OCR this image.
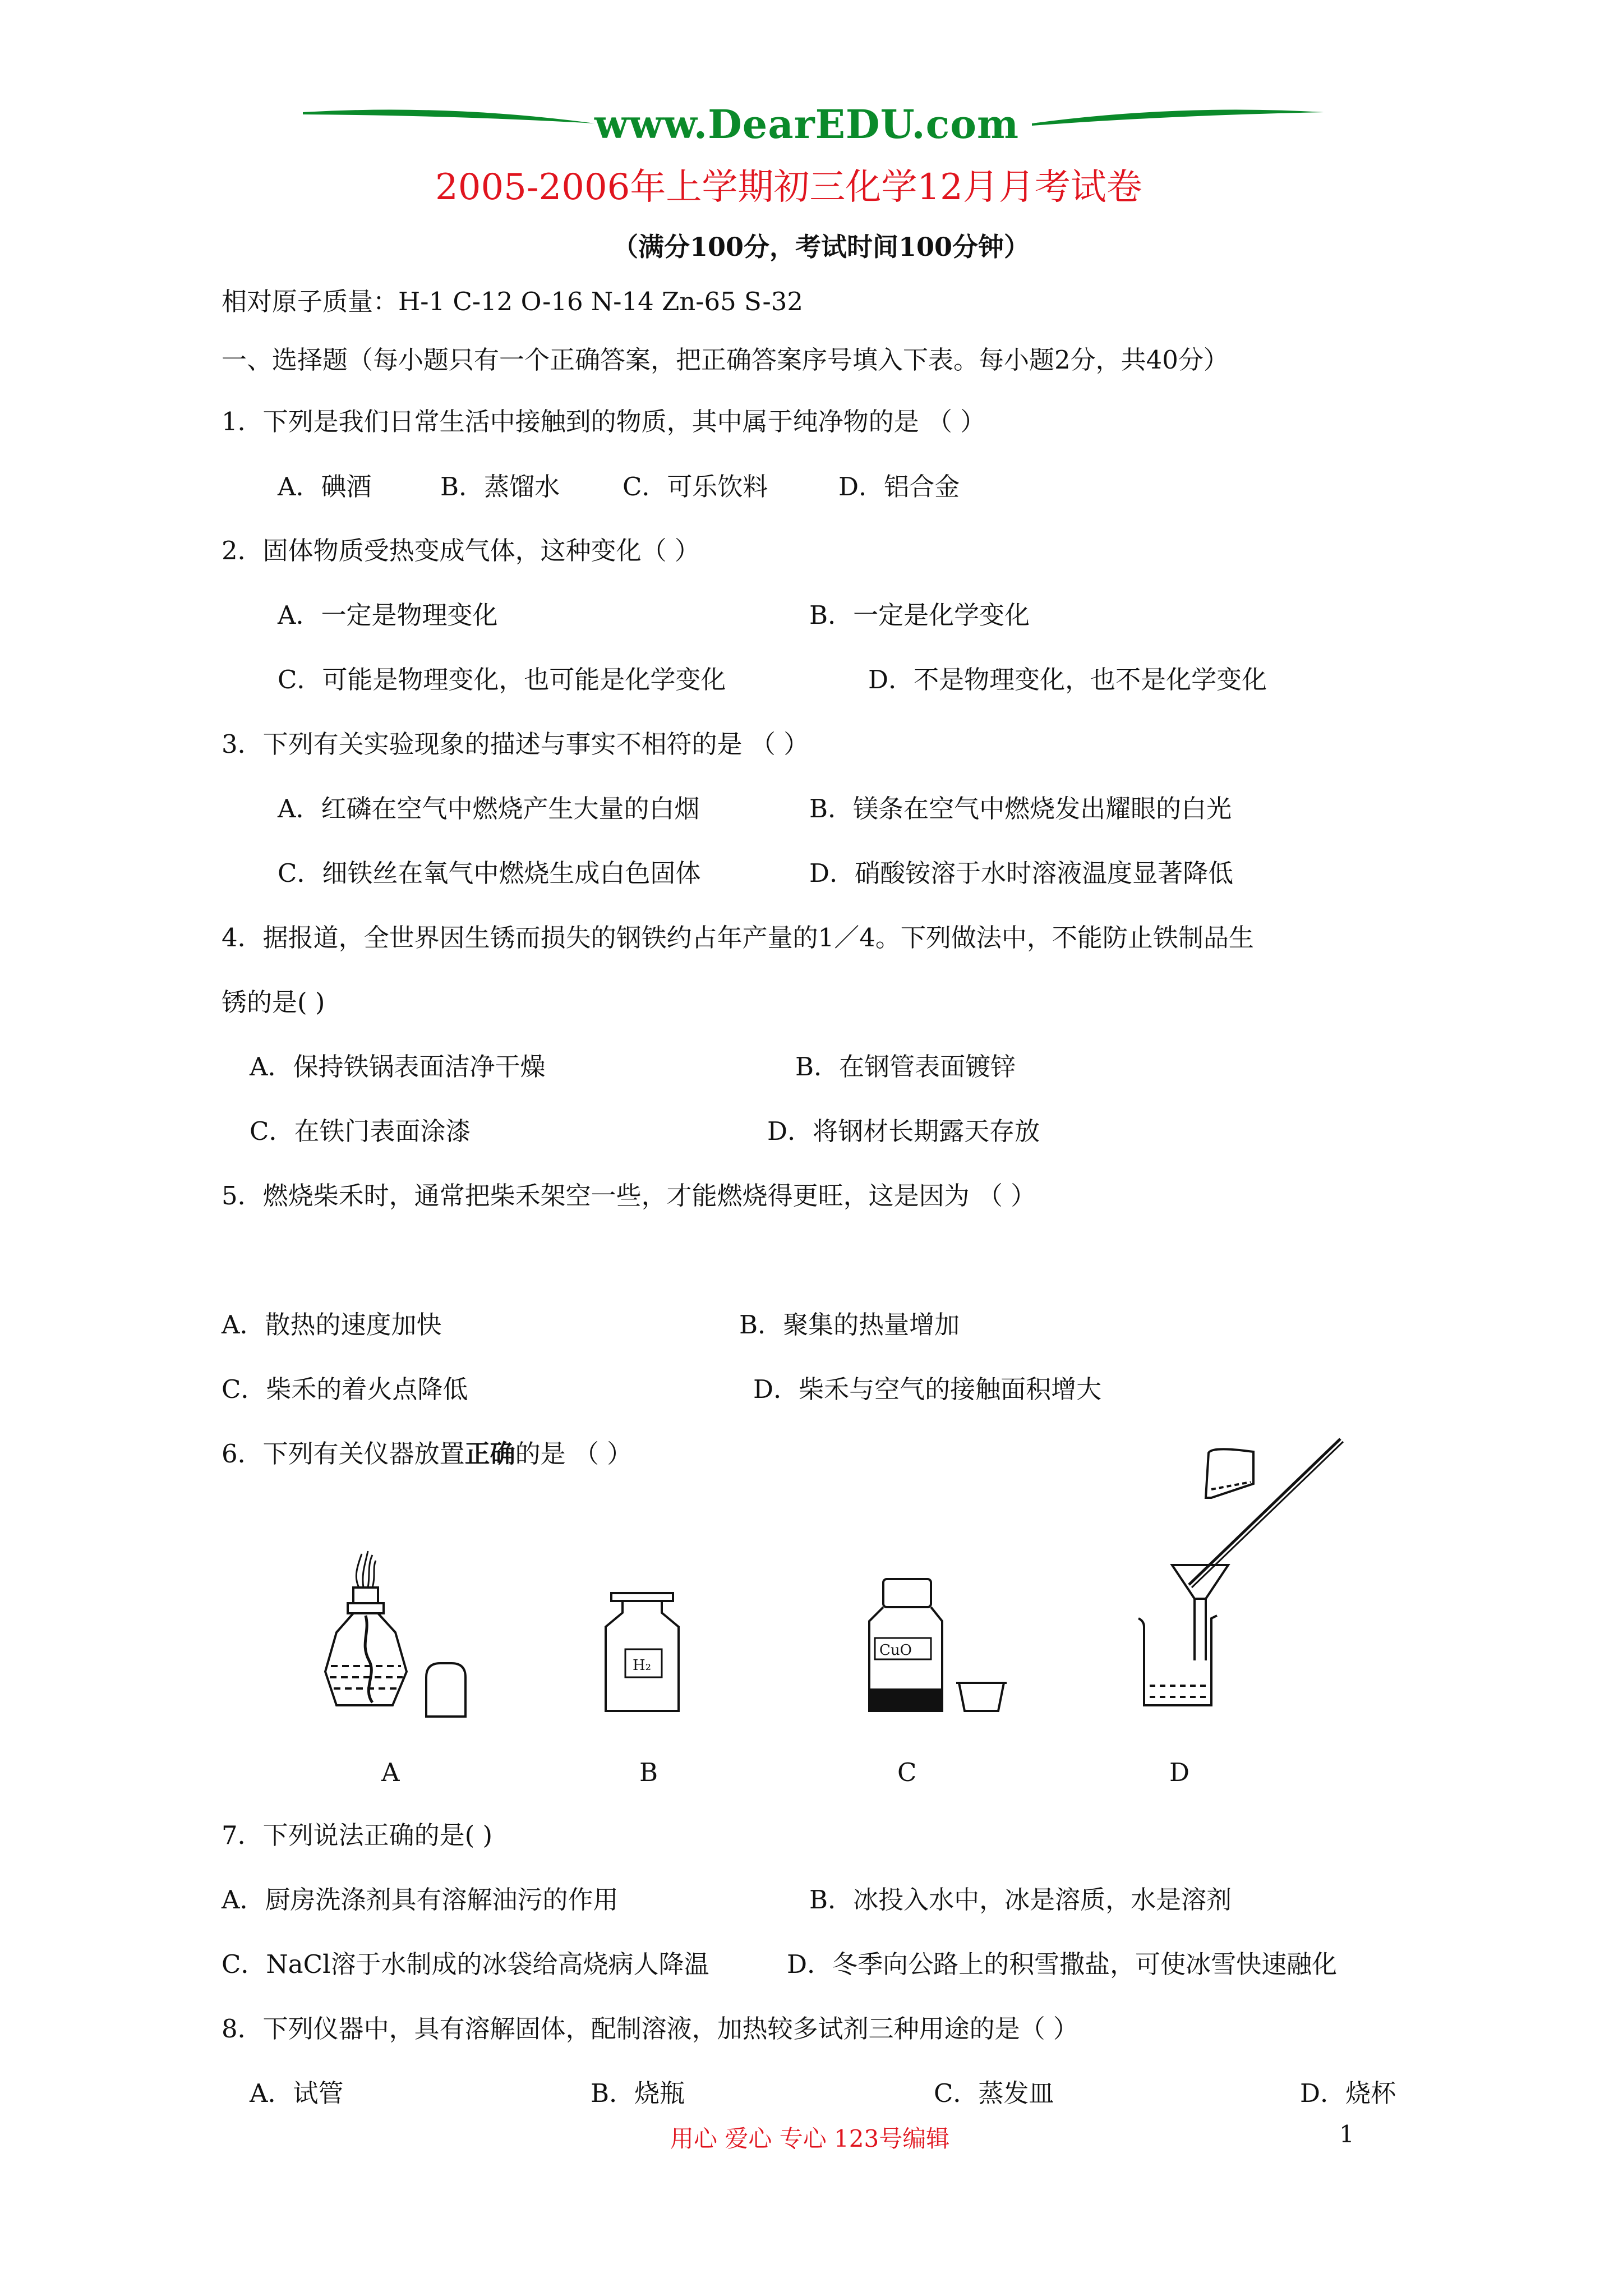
www.DearEDU.com
2005-2006年上学期初三化学12月月考试卷
（满分100分，考试时间100分钟）
相对原子质量：H-1 C-12 O-16 N-14 Zn-65 S-32
一、选择题（每小题只有一个正确答案，把正确答案序号填入下表。每小题2分，共40分）
1．下列是我们日常生活中接触到的物质，其中属于纯净物的是 （ ）
A．碘酒	B．蒸馏水 C．可乐饮料	D．铝合金
2．固体物质受热变成气体，这种变化（ ）
A．一定是物理变化	B．一定是化学变化
C．可能是物理变化，也可能是化学变化	D．不是物理变化，也不是化学变化
3．下列有关实验现象的描述与事实不相符的是 （ ）
A．红磷在空气中燃烧产生大量的白烟	B．镁条在空气中燃烧发出耀眼的白光
C．细铁丝在氧气中燃烧生成白色固体	D．硝酸铵溶于水时溶液温度显著降低
4．据报道，全世界因生锈而损失的钢铁约占年产量的1／4。下列做法中，不能防止铁制品生
锈的是( )
A．保持铁锅表面洁净干燥	B．在钢管表面镀锌
C．在铁门表面涂漆	D．将钢材长期露天存放
5．燃烧柴禾时，通常把柴禾架空一些，才能燃烧得更旺，这是因为 （ ）
A．散热的速度加快	B．聚集的热量增加
C．柴禾的着火点降低	D．柴禾与空气的接触面积增大
6．下列有关仪器放置正确的是 （ ）
H₂
CuO
A	B	C	D
7．下列说法正确的是( )
A．厨房洗涤剂具有溶解油污的作用	B．冰投入水中，冰是溶质，水是溶剂
C．NaCl溶于水制成的冰袋给高烧病人降温	D．冬季向公路上的积雪撒盐，可使冰雪快速融化
8．下列仪器中，具有溶解固体，配制溶液，加热较多试剂三种用途的是（ ）
A．试管	B．烧瓶	C．蒸发皿	D．烧杯
用心 爱心 专心 123号编辑	1
